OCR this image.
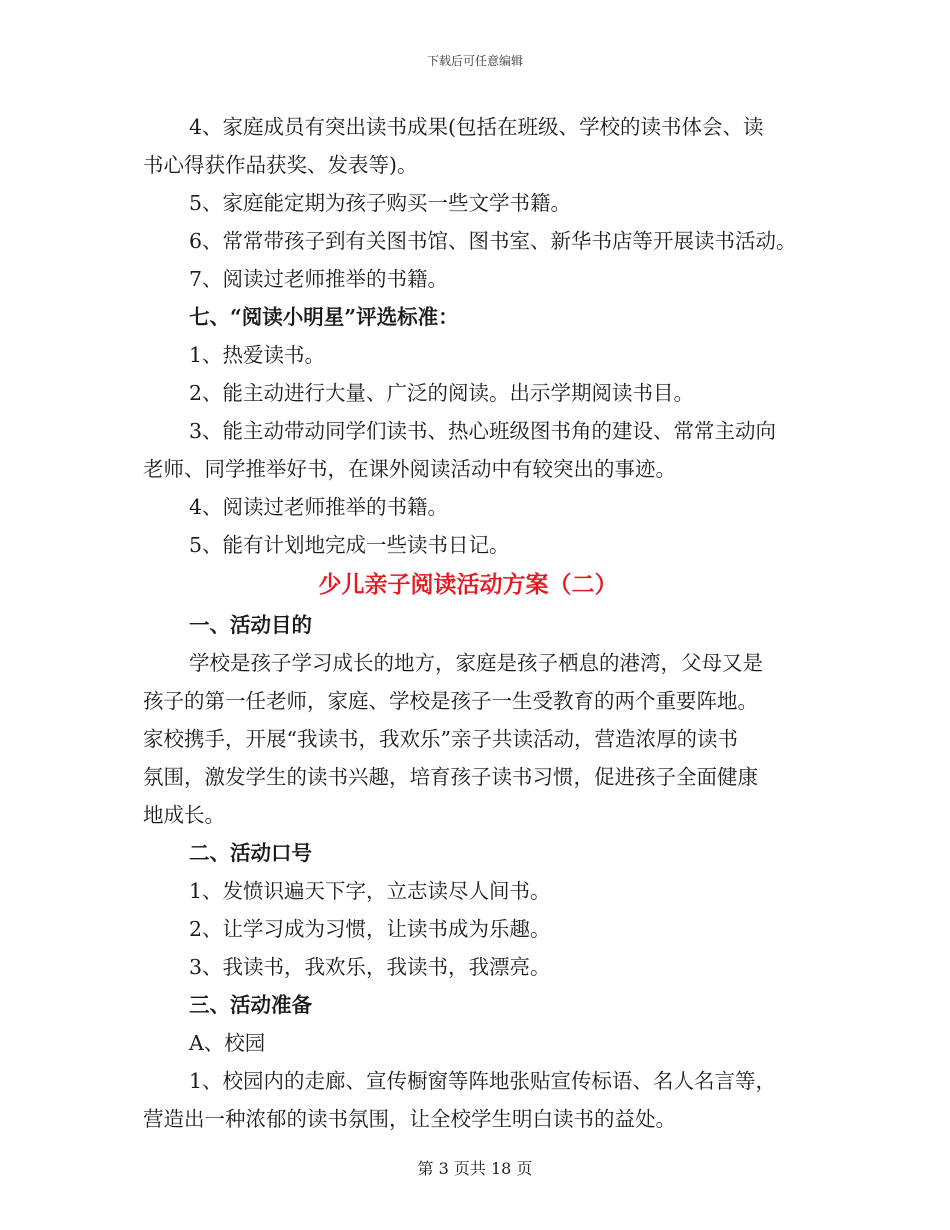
下载后可任意编辑

4、家庭成员有突出读书成果(包括在班级、学校的读书体会、读

书心得获作品获奖、发表等)。

5、家庭能定期为孩子购买一些文学书籍。

6、常常带孩子到有关图书馆、图书室、新华书店等开展读书活动。

7、阅读过老师推举的书籍。

七、“阅读小明星”评选标准：

1、热爱读书。

2、能主动进行大量、广泛的阅读。出示学期阅读书目。

3、能主动带动同学们读书、热心班级图书角的建设、常常主动向

老师、同学推举好书，在课外阅读活动中有较突出的事迹。

4、阅读过老师推举的书籍。

5、能有计划地完成一些读书日记。

少儿亲子阅读活动方案（二）

一、活动目的

学校是孩子学习成长的地方，家庭是孩子栖息的港湾，父母又是

孩子的第一任老师，家庭、学校是孩子一生受教育的两个重要阵地。

家校携手，开展“我读书，我欢乐”亲子共读活动，营造浓厚的读书

氛围，激发学生的读书兴趣，培育孩子读书习惯，促进孩子全面健康

地成长。

二、活动口号

1、发愤识遍天下字，立志读尽人间书。

2、让学习成为习惯，让读书成为乐趣。

3、我读书，我欢乐，我读书，我漂亮。

三、活动准备

A、校园

1、校园内的走廊、宣传橱窗等阵地张贴宣传标语、名人名言等，

营造出一种浓郁的读书氛围，让全校学生明白读书的益处。

第 3 页共 18 页
